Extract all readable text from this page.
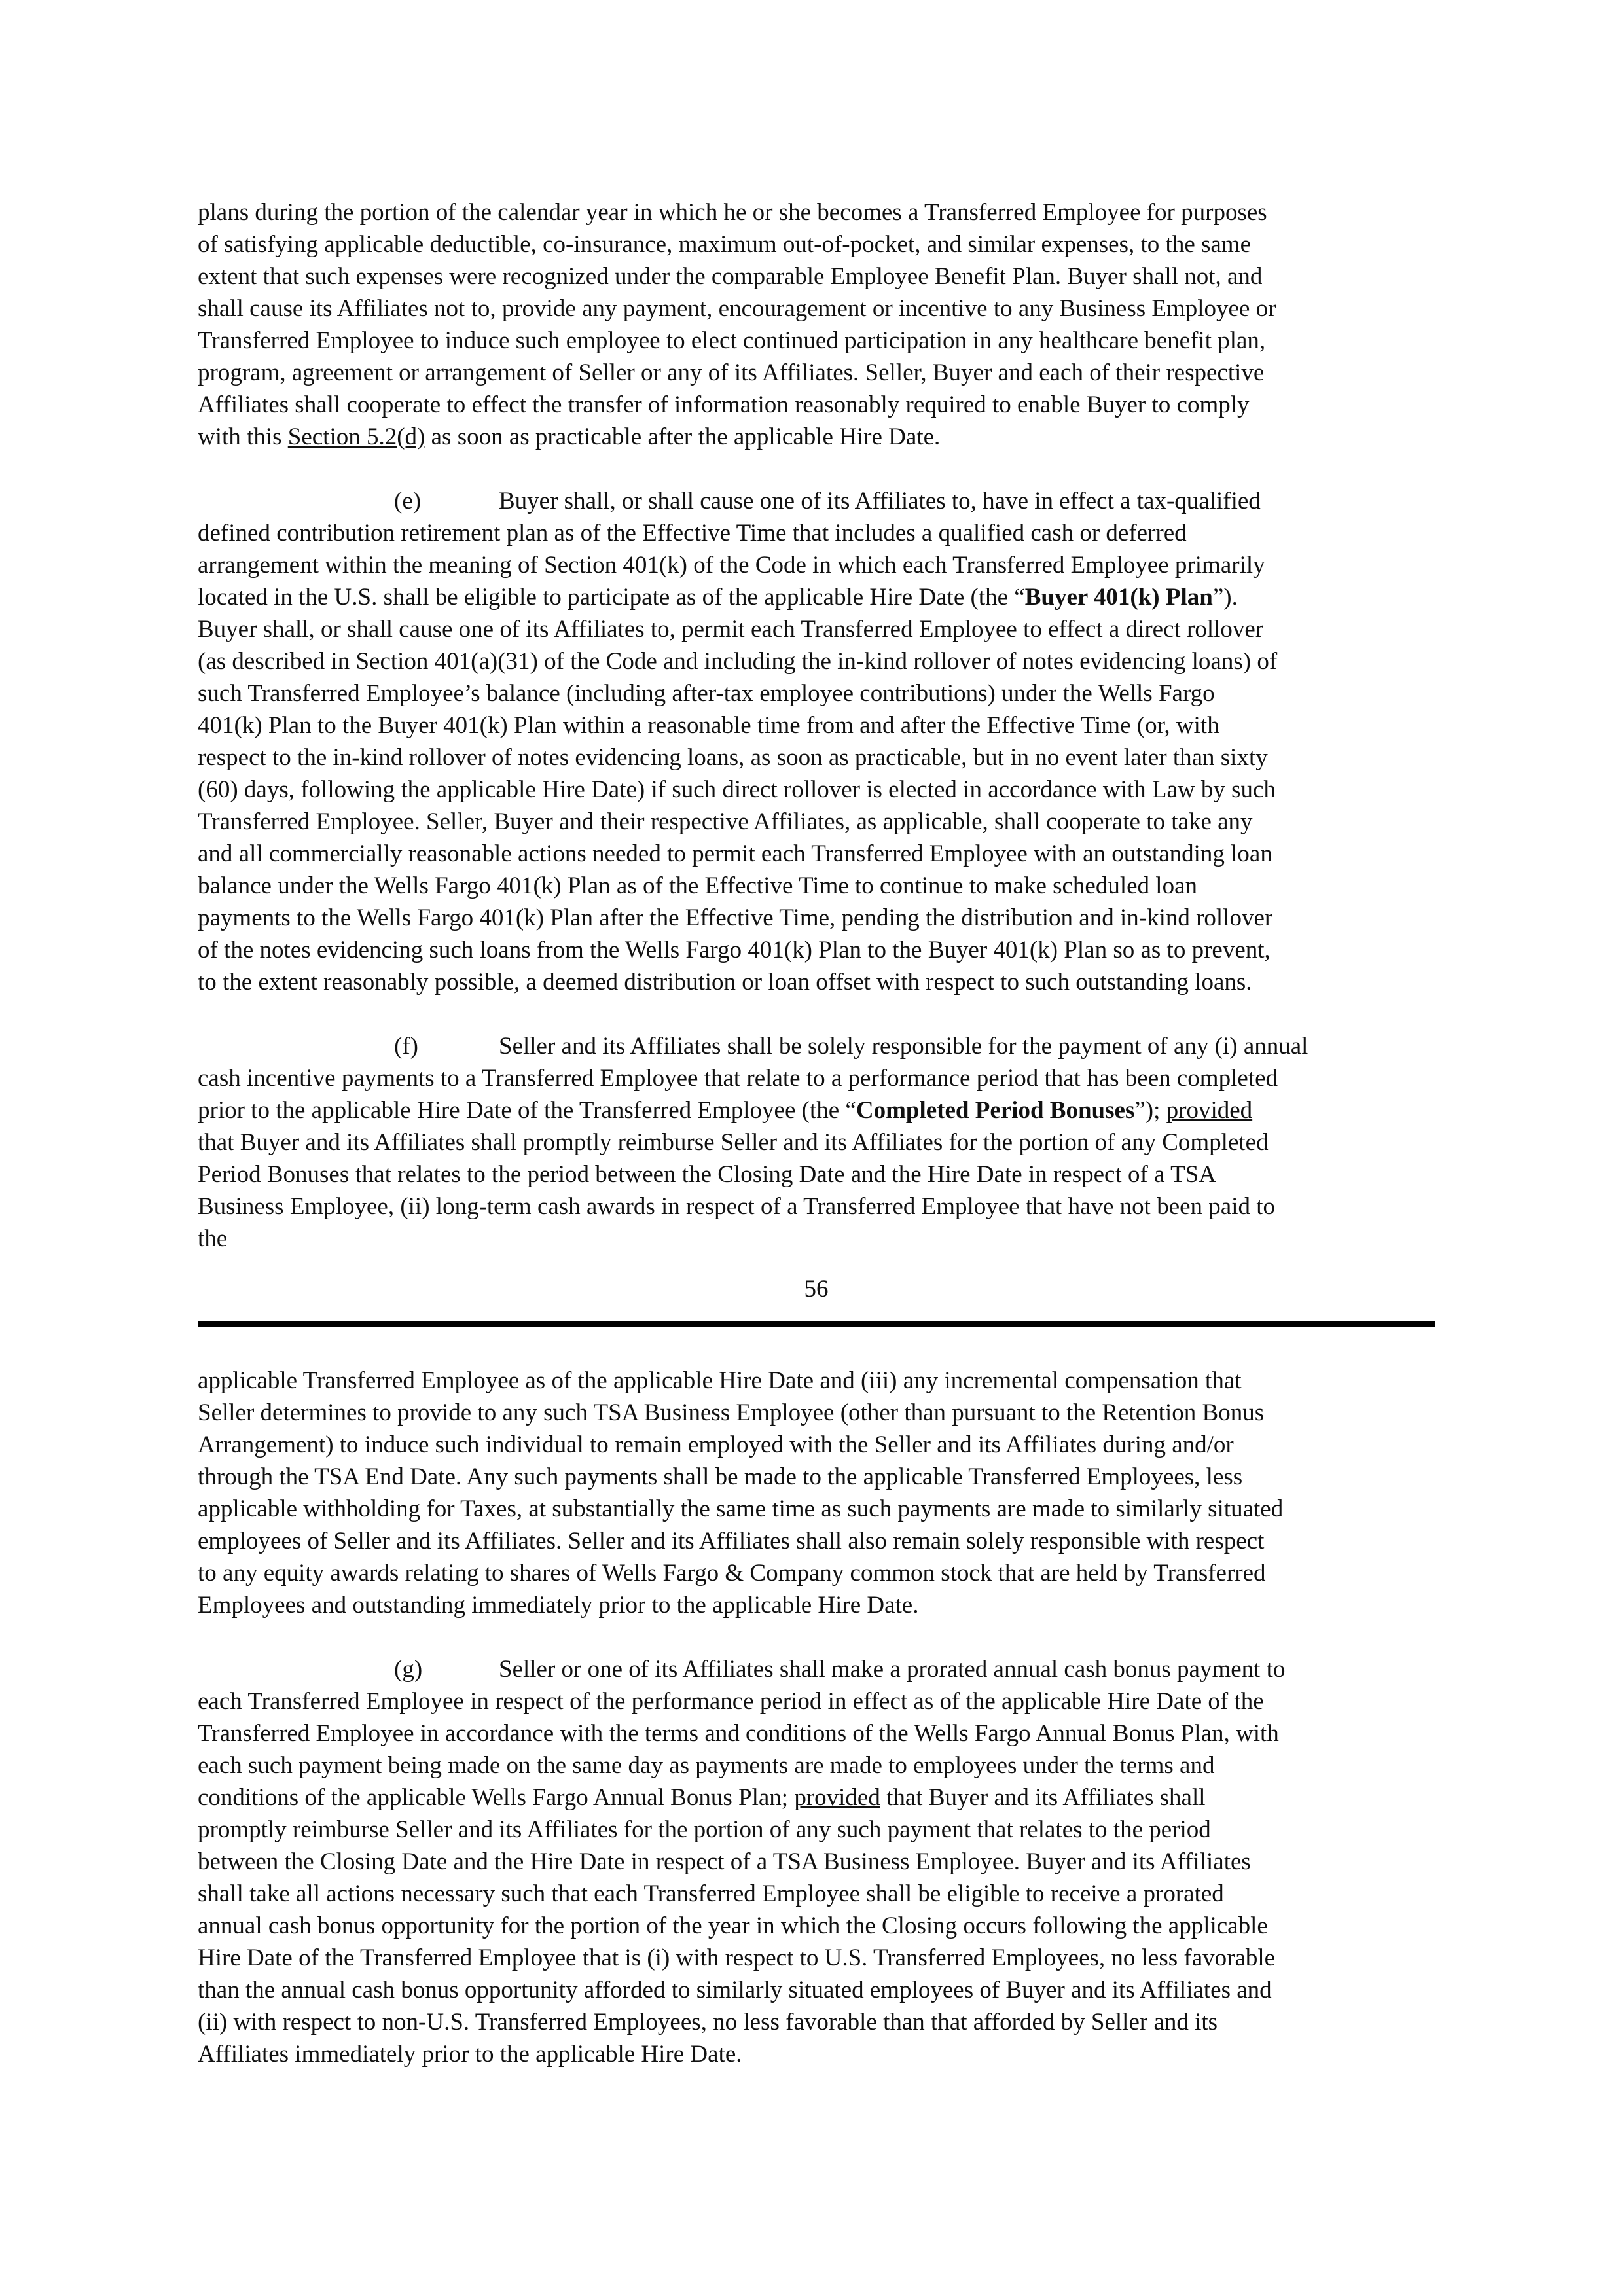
plans during the portion of the calendar year in which he or she becomes a Transferred Employee for purposes
of satisfying applicable deductible, co-insurance, maximum out-of-pocket, and similar expenses, to the same
extent that such expenses were recognized under the comparable Employee Benefit Plan. Buyer shall not, and
shall cause its Affiliates not to, provide any payment, encouragement or incentive to any Business Employee or
Transferred Employee to induce such employee to elect continued participation in any healthcare benefit plan,
program, agreement or arrangement of Seller or any of its Affiliates. Seller, Buyer and each of their respective
Affiliates shall cooperate to effect the transfer of information reasonably required to enable Buyer to comply
with this Section 5.2(d) as soon as practicable after the applicable Hire Date.

(e)	Buyer shall, or shall cause one of its Affiliates to, have in effect a tax-qualified
defined contribution retirement plan as of the Effective Time that includes a qualified cash or deferred
arrangement within the meaning of Section 401(k) of the Code in which each Transferred Employee primarily
located in the U.S. shall be eligible to participate as of the applicable Hire Date (the “Buyer 401(k) Plan”).
Buyer shall, or shall cause one of its Affiliates to, permit each Transferred Employee to effect a direct rollover
(as described in Section 401(a)(31) of the Code and including the in-kind rollover of notes evidencing loans) of
such Transferred Employee’s balance (including after-tax employee contributions) under the Wells Fargo
401(k) Plan to the Buyer 401(k) Plan within a reasonable time from and after the Effective Time (or, with
respect to the in-kind rollover of notes evidencing loans, as soon as practicable, but in no event later than sixty
(60) days, following the applicable Hire Date) if such direct rollover is elected in accordance with Law by such
Transferred Employee. Seller, Buyer and their respective Affiliates, as applicable, shall cooperate to take any
and all commercially reasonable actions needed to permit each Transferred Employee with an outstanding loan
balance under the Wells Fargo 401(k) Plan as of the Effective Time to continue to make scheduled loan
payments to the Wells Fargo 401(k) Plan after the Effective Time, pending the distribution and in-kind rollover
of the notes evidencing such loans from the Wells Fargo 401(k) Plan to the Buyer 401(k) Plan so as to prevent,
to the extent reasonably possible, a deemed distribution or loan offset with respect to such outstanding loans.

(f)	Seller and its Affiliates shall be solely responsible for the payment of any (i) annual
cash incentive payments to a Transferred Employee that relate to a performance period that has been completed
prior to the applicable Hire Date of the Transferred Employee (the “Completed Period Bonuses”); provided
that Buyer and its Affiliates shall promptly reimburse Seller and its Affiliates for the portion of any Completed
Period Bonuses that relates to the period between the Closing Date and the Hire Date in respect of a TSA
Business Employee, (ii) long-term cash awards in respect of a Transferred Employee that have not been paid to
the

56

applicable Transferred Employee as of the applicable Hire Date and (iii) any incremental compensation that
Seller determines to provide to any such TSA Business Employee (other than pursuant to the Retention Bonus
Arrangement) to induce such individual to remain employed with the Seller and its Affiliates during and/or
through the TSA End Date. Any such payments shall be made to the applicable Transferred Employees, less
applicable withholding for Taxes, at substantially the same time as such payments are made to similarly situated
employees of Seller and its Affiliates. Seller and its Affiliates shall also remain solely responsible with respect
to any equity awards relating to shares of Wells Fargo & Company common stock that are held by Transferred
Employees and outstanding immediately prior to the applicable Hire Date.

(g)	Seller or one of its Affiliates shall make a prorated annual cash bonus payment to
each Transferred Employee in respect of the performance period in effect as of the applicable Hire Date of the
Transferred Employee in accordance with the terms and conditions of the Wells Fargo Annual Bonus Plan, with
each such payment being made on the same day as payments are made to employees under the terms and
conditions of the applicable Wells Fargo Annual Bonus Plan; provided that Buyer and its Affiliates shall
promptly reimburse Seller and its Affiliates for the portion of any such payment that relates to the period
between the Closing Date and the Hire Date in respect of a TSA Business Employee. Buyer and its Affiliates
shall take all actions necessary such that each Transferred Employee shall be eligible to receive a prorated
annual cash bonus opportunity for the portion of the year in which the Closing occurs following the applicable
Hire Date of the Transferred Employee that is (i) with respect to U.S. Transferred Employees, no less favorable
than the annual cash bonus opportunity afforded to similarly situated employees of Buyer and its Affiliates and
(ii) with respect to non-U.S. Transferred Employees, no less favorable than that afforded by Seller and its
Affiliates immediately prior to the applicable Hire Date.
